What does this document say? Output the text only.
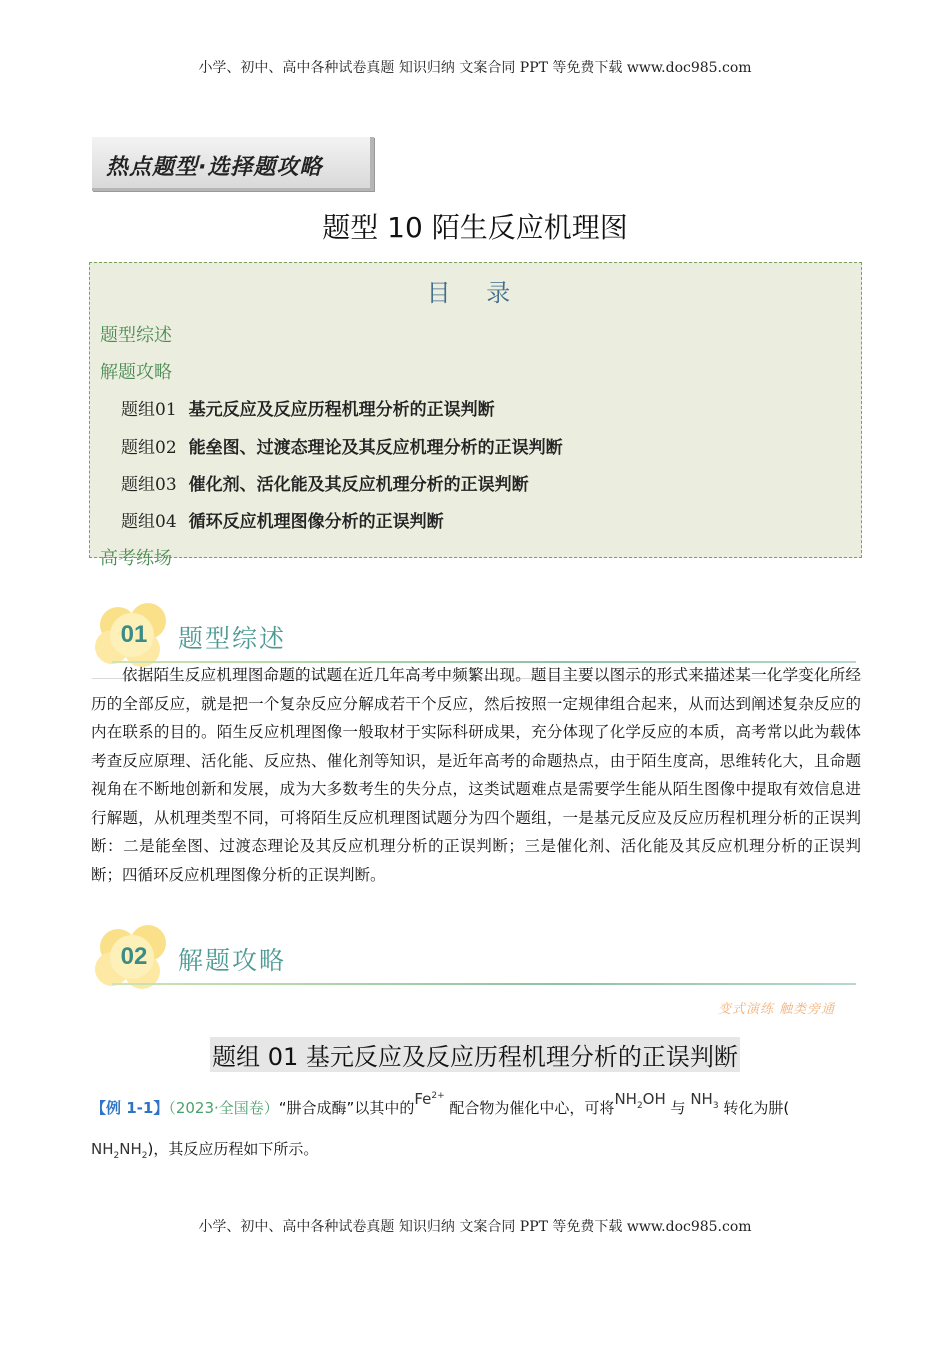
小学、初中、高中各种试卷真题 知识归纳 文案合同 PPT 等免费下载 www.doc985.com
热点题型·选择题攻略
题型 10 陌生反应机理图
目 录
题型综述
解题攻略
题组01 基元反应及反应历程机理分析的正误判断
题组02 能垒图、过渡态理论及其反应机理分析的正误判断
题组03 催化剂、活化能及其反应机理分析的正误判断
题组04 循环反应机理图像分析的正误判断
高考练场
01	题型综述
依据陌生反应机理图命题的试题在近几年高考中频繁出现。题目主要以图示的形式来描述某一化学变化所经历的全部反应，就是把一个复杂反应分解成若干个反应，然后按照一定规律组合起来，从而达到阐述复杂反应的内在联系的目的。陌生反应机理图像一般取材于实际科研成果，充分体现了化学反应的本质，高考常以此为载体考查反应原理、活化能、反应热、催化剂等知识，是近年高考的命题热点，由于陌生度高，思维转化大，且命题视角在不断地创新和发展，成为大多数考生的失分点，这类试题难点是需要学生能从陌生图像中提取有效信息进行解题，从机理类型不同，可将陌生反应机理图试题分为四个题组，一是基元反应及反应历程机理分析的正误判断：二是能垒图、过渡态理论及其反应机理分析的正误判断；三是催化剂、活化能及其反应机理分析的正误判断；四循环反应机理图像分析的正误判断。
02	解题攻略
变式演练 触类旁通
题组 01 基元反应及反应历程机理分析的正误判断
【例 1-1】（2023·全国卷）“肼合成酶”以其中的$Fe^{2+}$ 配合物为催化中心，可将$NH_2OH$ 与 $NH_3$ 转化为肼(
$NH_2NH_2$)，其反应历程如下所示。
小学、初中、高中各种试卷真题 知识归纳 文案合同 PPT 等免费下载 www.doc985.com
